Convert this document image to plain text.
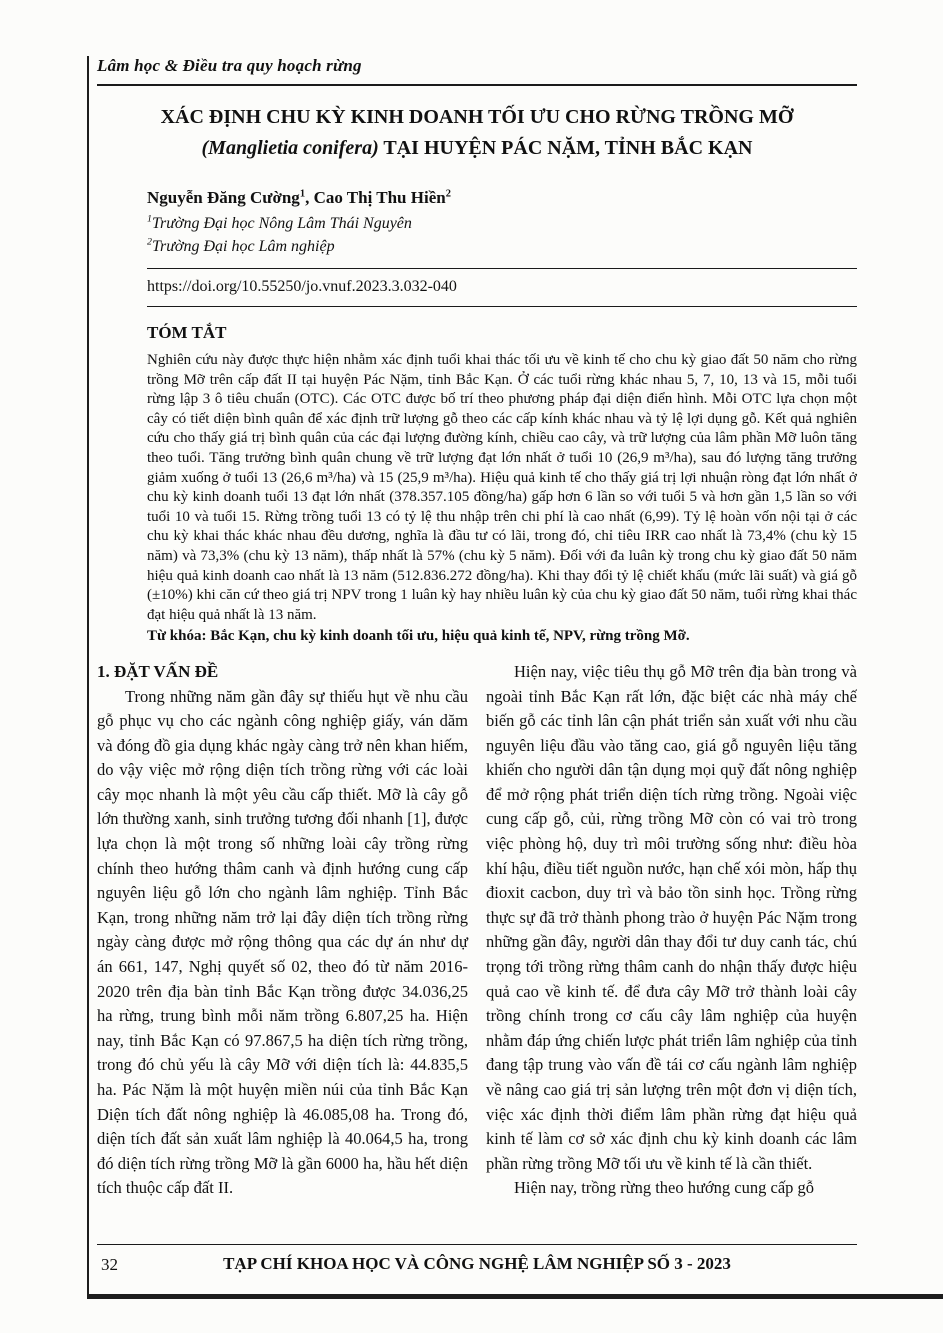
Lâm học & Điều tra quy hoạch rừng
XÁC ĐỊNH CHU KỲ KINH DOANH TỐI ƯU CHO RỪNG TRỒNG MỠ
(Manglietia conifera) TẠI HUYỆN PÁC NẶM, TỈNH BẮC KẠN
Nguyễn Đăng Cường$^1$, Cao Thị Thu Hiền$^2$
$^1$Trường Đại học Nông Lâm Thái Nguyên
$^2$Trường Đại học Lâm nghiệp
https://doi.org/10.55250/jo.vnuf.2023.3.032-040
TÓM TẮT
Nghiên cứu này được thực hiện nhằm xác định tuổi khai thác tối ưu về kinh tế cho chu kỳ giao đất 50 năm cho rừng trồng Mỡ trên cấp đất II tại huyện Pác Nặm, tỉnh Bắc Kạn. Ở các tuổi rừng khác nhau 5, 7, 10, 13 và 15, mỗi tuổi rừng lập 3 ô tiêu chuẩn (OTC). Các OTC được bố trí theo phương pháp đại diện điển hình. Mỗi OTC lựa chọn một cây có tiết diện bình quân để xác định trữ lượng gỗ theo các cấp kính khác nhau và tỷ lệ lợi dụng gỗ. Kết quả nghiên cứu cho thấy giá trị bình quân của các đại lượng đường kính, chiều cao cây, và trữ lượng của lâm phần Mỡ luôn tăng theo tuổi. Tăng trưởng bình quân chung về trữ lượng đạt lớn nhất ở tuổi 10 (26,9 m³/ha), sau đó lượng tăng trưởng giảm xuống ở tuổi 13 (26,6 m³/ha) và 15 (25,9 m³/ha). Hiệu quả kinh tế cho thấy giá trị lợi nhuận ròng đạt lớn nhất ở chu kỳ kinh doanh tuổi 13 đạt lớn nhất (378.357.105 đồng/ha) gấp hơn 6 lần so với tuổi 5 và hơn gần 1,5 lần so với tuổi 10 và tuổi 15. Rừng trồng tuổi 13 có tỷ lệ thu nhập trên chi phí là cao nhất (6,99). Tỷ lệ hoàn vốn nội tại ở các chu kỳ khai thác khác nhau đều dương, nghĩa là đầu tư có lãi, trong đó, chỉ tiêu IRR cao nhất là 73,4% (chu kỳ 15 năm) và 73,3% (chu kỳ 13 năm), thấp nhất là 57% (chu kỳ 5 năm). Đối với đa luân kỳ trong chu kỳ giao đất 50 năm hiệu quả kinh doanh cao nhất là 13 năm (512.836.272 đồng/ha). Khi thay đổi tỷ lệ chiết khấu (mức lãi suất) và giá gỗ (±10%) khi căn cứ theo giá trị NPV trong 1 luân kỳ hay nhiều luân kỳ của chu kỳ giao đất 50 năm, tuổi rừng khai thác đạt hiệu quả nhất là 13 năm.
Từ khóa: Bắc Kạn, chu kỳ kinh doanh tối ưu, hiệu quả kinh tế, NPV, rừng trồng Mỡ.
1. ĐẶT VẤN ĐỀ

Trong những năm gần đây sự thiếu hụt về nhu cầu gỗ phục vụ cho các ngành công nghiệp giấy, ván dăm và đóng đồ gia dụng khác ngày càng trở nên khan hiếm, do vậy việc mở rộng diện tích trồng rừng với các loài cây mọc nhanh là một yêu cầu cấp thiết. Mỡ là cây gỗ lớn thường xanh, sinh trưởng tương đối nhanh [1], được lựa chọn là một trong số những loài cây trồng rừng chính theo hướng thâm canh và định hướng cung cấp nguyên liệu gỗ lớn cho ngành lâm nghiệp. Tỉnh Bắc Kạn, trong những năm trở lại đây diện tích trồng rừng ngày càng được mở rộng thông qua các dự án như dự án 661, 147, Nghị quyết số 02, theo đó từ năm 2016-2020 trên địa bàn tỉnh Bắc Kạn trồng được 34.036,25 ha rừng, trung bình mỗi năm trồng 6.807,25 ha. Hiện nay, tỉnh Bắc Kạn có 97.867,5 ha diện tích rừng trồng, trong đó chủ yếu là cây Mỡ với diện tích là: 44.835,5 ha. Pác Nặm là một huyện miền núi của tỉnh Bắc Kạn Diện tích đất nông nghiệp là 46.085,08 ha. Trong đó, diện tích đất sản xuất lâm nghiệp là 40.064,5 ha, trong đó diện tích rừng trồng Mỡ là gần 6000 ha, hầu hết diện tích thuộc cấp đất II.

Hiện nay, việc tiêu thụ gỗ Mỡ trên địa bàn trong và ngoài tỉnh Bắc Kạn rất lớn, đặc biệt các nhà máy chế biến gỗ các tỉnh lân cận phát triển sản xuất với nhu cầu nguyên liệu đầu vào tăng cao, giá gỗ nguyên liệu tăng khiến cho người dân tận dụng mọi quỹ đất nông nghiệp để mở rộng phát triển diện tích rừng trồng. Ngoài việc cung cấp gỗ, củi, rừng trồng Mỡ còn có vai trò trong việc phòng hộ, duy trì môi trường sống như: điều hòa khí hậu, điều tiết nguồn nước, hạn chế xói mòn, hấp thụ đioxit cacbon, duy trì và bảo tồn sinh học. Trồng rừng thực sự đã trở thành phong trào ở huyện Pác Nặm trong những gần đây, người dân thay đổi tư duy canh tác, chú trọng tới trồng rừng thâm canh do nhận thấy được hiệu quả cao về kinh tế. để đưa cây Mỡ trở thành loài cây trồng chính trong cơ cấu cây lâm nghiệp của huyện nhằm đáp ứng chiến lược phát triển lâm nghiệp của tỉnh đang tập trung vào vấn đề tái cơ cấu ngành lâm nghiệp về nâng cao giá trị sản lượng trên một đơn vị diện tích, việc xác định thời điểm lâm phần rừng đạt hiệu quả kinh tế làm cơ sở xác định chu kỳ kinh doanh các lâm phần rừng trồng Mỡ tối ưu về kinh tế là cần thiết.

Hiện nay, trồng rừng theo hướng cung cấp gỗ

32	TẠP CHÍ KHOA HỌC VÀ CÔNG NGHỆ LÂM NGHIỆP SỐ 3 - 2023
